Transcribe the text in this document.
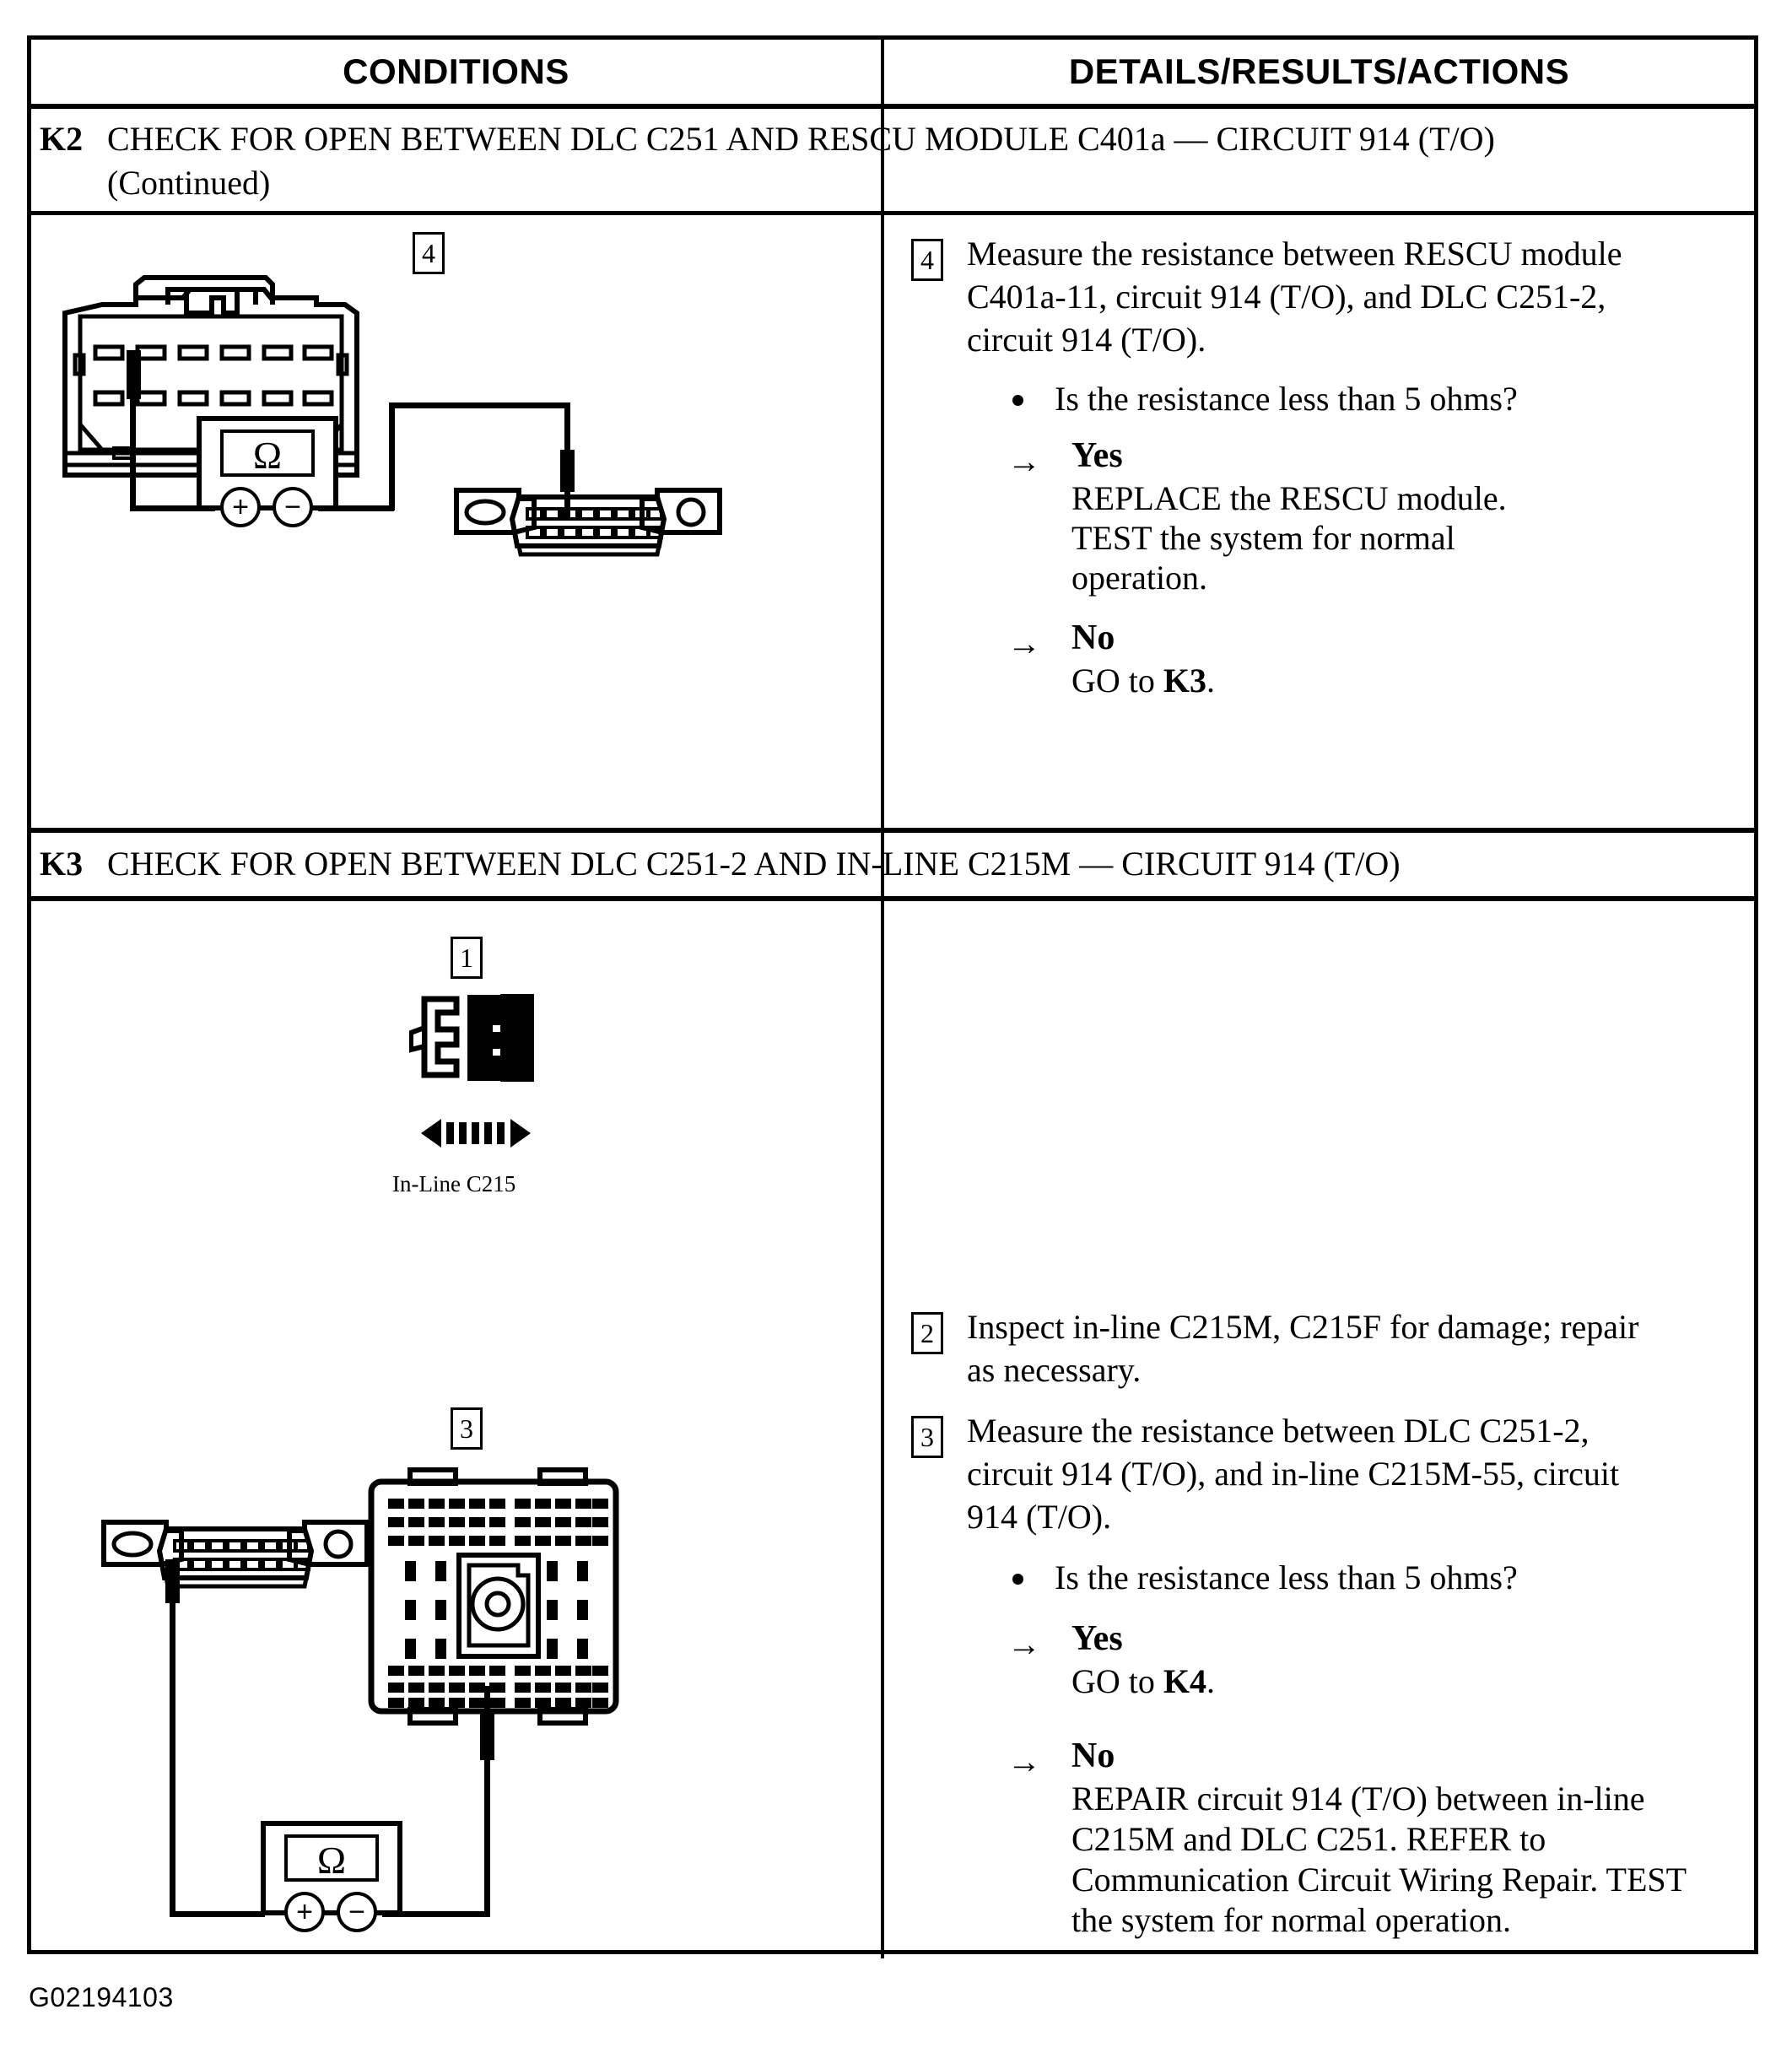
CONDITIONS	DETAILS/RESULTS/ACTIONS
K2 CHECK FOR OPEN BETWEEN DLC C251 AND RESCU MODULE C401a — CIRCUIT 914 (T/O)
(Continued)
4
Ω
+	−
4 Measure the resistance between RESCU module
C401a-11, circuit 914 (T/O), and DLC C251-2,
circuit 914 (T/O).
Is the resistance less than 5 ohms?
→ Yes
REPLACE the RESCU module.
TEST the system for normal
operation.
→ No
GO to K3.
K3 CHECK FOR OPEN BETWEEN DLC C251-2 AND IN-LINE C215M — CIRCUIT 914 (T/O)
1
In-Line C215
3
Ω
+	−
2 Inspect in-line C215M, C215F for damage; repair
as necessary.
3 Measure the resistance between DLC C251-2,
circuit 914 (T/O), and in-line C215M-55, circuit
914 (T/O).
Is the resistance less than 5 ohms?
→ Yes
GO to K4.
→ No
REPAIR circuit 914 (T/O) between in-line
C215M and DLC C251. REFER to
Communication Circuit Wiring Repair. TEST
the system for normal operation.
G02194103
